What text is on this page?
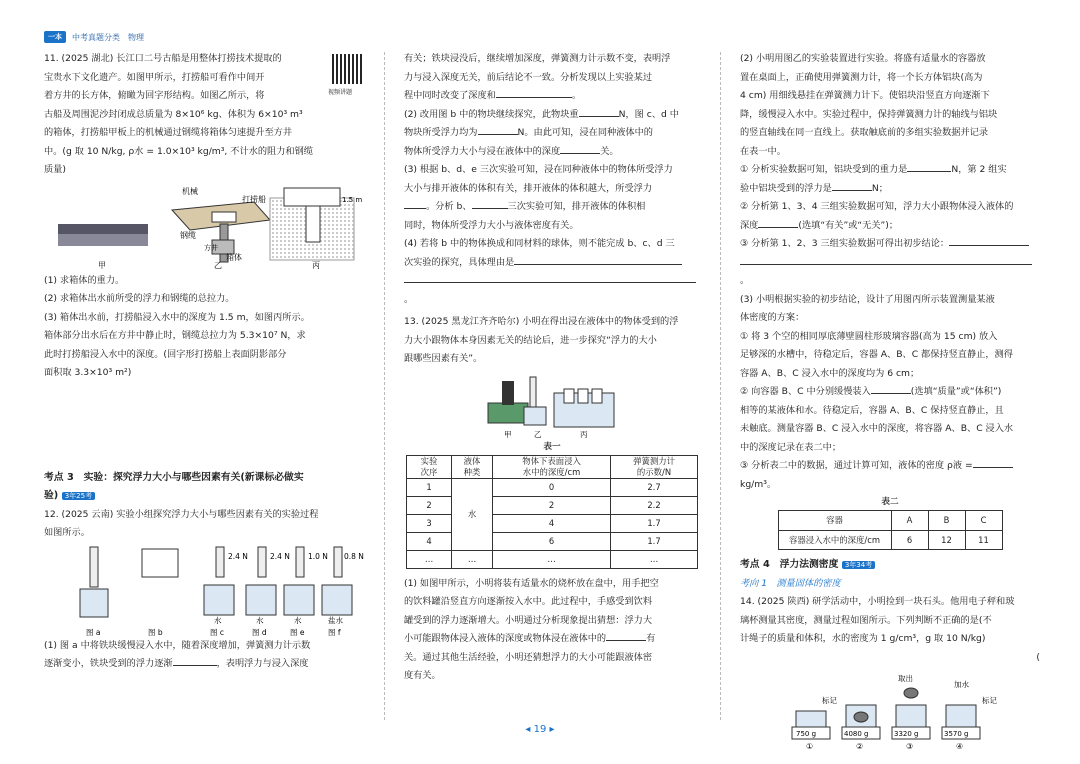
一本	中考真题分类 物理

11. (2025 湖北) 长江口二号古船是用整体打捞技术提取的

宝贵水下文化遗产。如图甲所示，打捞船可看作中间开

着方井的长方体，俯瞰为回字形结构。如图乙所示，将

古船及周围泥沙封闭成总质量为 8×10⁶ kg、体积为 6×10³ m³

的箱体，打捞船甲板上的机械通过钢缆将箱体匀速提升至方井

中。(g 取 10 N/kg, ρ水 = 1.0×10³ kg/m³, 不计水的阻力和钢缆

质量)

视频讲题
机械
打捞船
钢缆
方井
箱体
1.5 m
甲	乙	丙

(1) 求箱体的重力。

(2) 求箱体出水前所受的浮力和钢缆的总拉力。

(3) 箱体出水前，打捞船浸入水中的深度为 1.5 m，如图丙所示。

箱体部分出水后在方井中静止时，钢缆总拉力为 5.3×10⁷ N，求

此时打捞船浸入水中的深度。(回字形打捞船上表面阴影部分

面积取 3.3×10³ m²)

考点 3　实验：探究浮力大小与哪些因素有关(新课标必做实

验) 3年25考

12. (2025 云南) 实验小组探究浮力大小与哪些因素有关的实验过程

如图所示。

2.4 N	2.4 N 1.0 N 0.8 N
水	水	水	盐水
图 a	图 b	图 c	图 d	图 e	图 f

(1) 图 a 中将铁块缓慢浸入水中，随着深度增加，弹簧测力计示数

逐渐变小，铁块受到的浮力逐渐	，表明浮力与浸入深度

有关；铁块浸没后，继续增加深度，弹簧测力计示数不变，表明浮

力与浸入深度无关，前后结论不一致。分析发现以上实验某过

程中同时改变了深度和	。

(2) 改用图 b 中的物块继续探究，此物块重	N，图 c、d 中

物块所受浮力均为	N。由此可知，浸在同种液体中的

物体所受浮力大小与浸在液体中的深度	关。

(3) 根据 b、d、e 三次实验可知，浸在同种液体中的物体所受浮力

大小与排开液体的体积有关，排开液体的体积越大，所受浮力

。分析 b、	三次实验可知，排开液体的体积相

同时，物体所受浮力大小与液体密度有关。

(4) 若将 b 中的物体换成和同材料的球体，则不能完成 b、c、d 三

次实验的探究，具体理由是

。

13. (2025 黑龙江齐齐哈尔) 小明在得出浸在液体中的物体受到的浮

力大小跟物体本身因素无关的结论后，进一步探究“浮力的大小

跟哪些因素有关”。

甲	乙	丙
表一
实验
次序	液体
种类	物体下表面浸入
水中的深度/cm	弹簧测力计
的示数/N
1	水	0	2.7
2		2	2.2
3		4	1.7
4		6	1.7
…	…	…	…

(1) 如图甲所示，小明将装有适量水的烧杯放在盘中，用手把空

的饮料罐沿竖直方向逐渐按入水中。此过程中，手感受到饮料

罐受到的浮力逐渐增大。小明通过分析现象提出猜想：浮力大

小可能跟物体浸入液体的深度或物体浸在液体中的	有

关。通过其他生活经验，小明还猜想浮力的大小可能跟液体密

度有关。

(2) 小明用图乙的实验装置进行实验。将盛有适量水的容器放

置在桌面上，正确使用弹簧测力计，将一个长方体铝块(高为

4 cm) 用细线悬挂在弹簧测力计下。使铝块沿竖直方向逐渐下

降，缓慢浸入水中。实验过程中，保持弹簧测力计的轴线与铝块

的竖直轴线在同一直线上。获取触底前的多组实验数据并记录

在表一中。

① 分析实验数据可知，铝块受到的重力是	N，第 2 组实

验中铝块受到的浮力是	N；

② 分析第 1、3、4 三组实验数据可知，浮力大小跟物体浸入液体的

深度	(选填“有关”或“无关”)；

③ 分析第 1、2、3 三组实验数据可得出初步结论：

。

(3) 小明根据实验的初步结论，设计了用图丙所示装置测量某液

体密度的方案：

① 将 3 个空的相同厚底薄壁圆柱形玻璃容器(高为 15 cm) 放入

足够深的水槽中，待稳定后，容器 A、B、C 都保持竖直静止，测得

容器 A、B、C 浸入水中的深度均为 6 cm；

② 向容器 B、C 中分别缓慢装入	(选填“质量”或“体积”)

相等的某液体和水。待稳定后，容器 A、B、C 保持竖直静止，且

未触底。测量容器 B、C 浸入水中的深度，将容器 A、B、C 浸入水

中的深度记录在表二中；

③ 分析表二中的数据，通过计算可知，液体的密度 ρ液 =kg/m³。

表二
容器	A	B	C
容器浸入水中的深度/cm	6	12	11

考点 4　浮力法测密度 3年34考

考向 1　测量固体的密度

14. (2025 陕西) 研学活动中，小明捡到一块石头。他用电子秤和玻

璃杯测量其密度，测量过程如图所示。下列判断不正确的是(不

计绳子的质量和体积，水的密度为 1 g/cm³，g 取 10 N/kg)

(

取出
加水
标记	标记
750 g	4080 g	3320 g	3570 g
①	②	③	④
◂ 19 ▸
